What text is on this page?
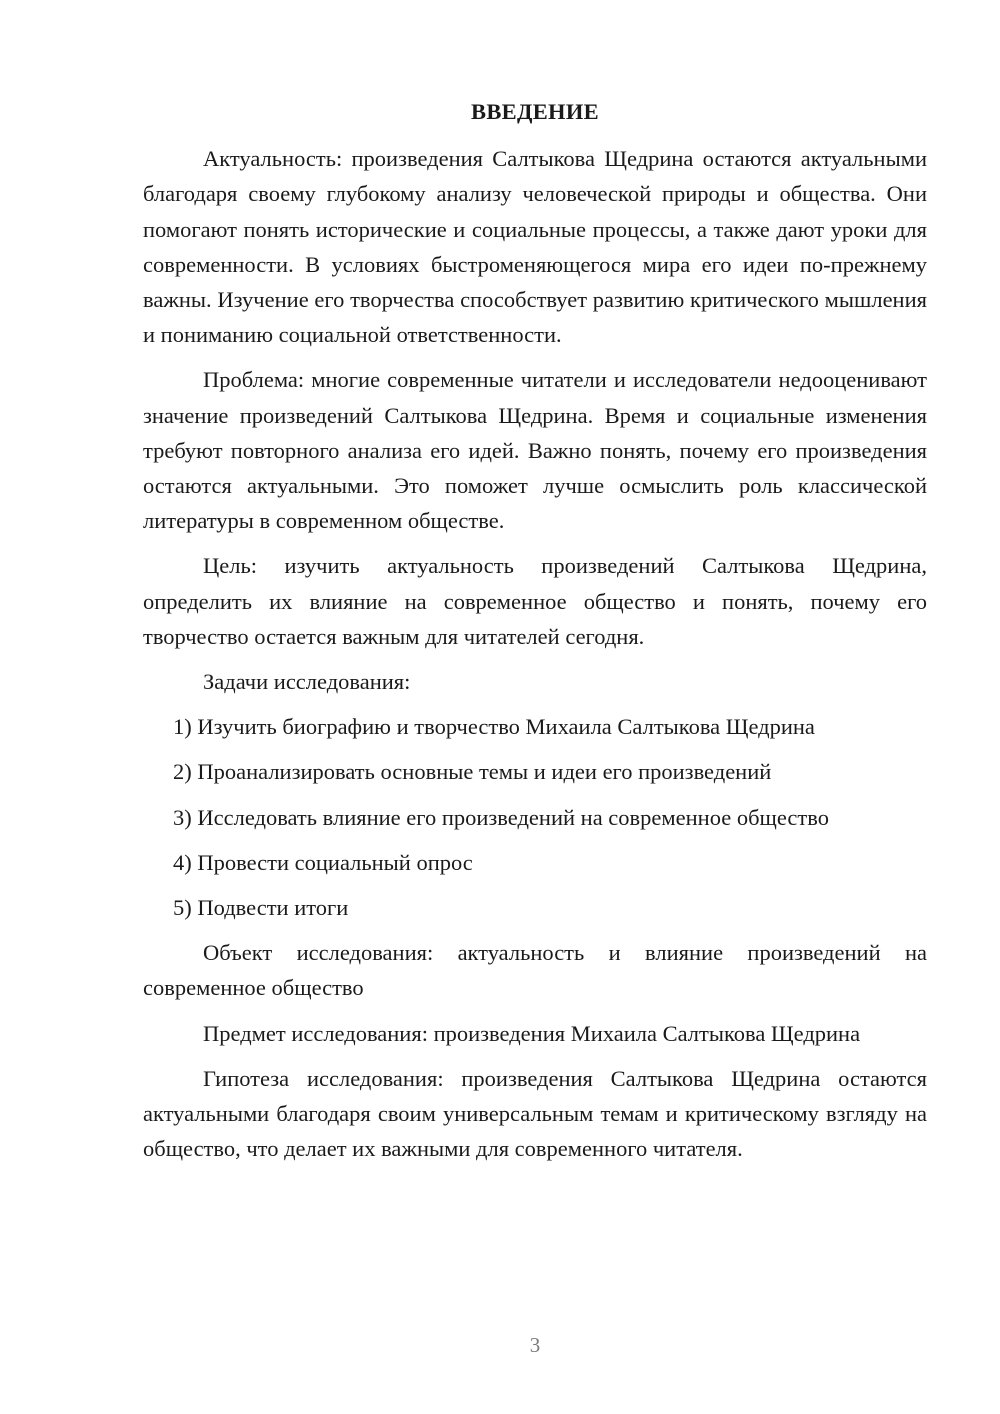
ВВЕДЕНИЕ

Актуальность: произведения Салтыкова Щедрина остаются актуальными благодаря своему глубокому анализу человеческой природы и общества. Они помогают понять исторические и социальные процессы, а также дают уроки для современности. В условиях быстроменяющегося мира его идеи по-прежнему важны. Изучение его творчества способствует развитию критического мышления и пониманию социальной ответственности.

Проблема: многие современные читатели и исследователи недооценивают значение произведений Салтыкова Щедрина. Время и социальные изменения требуют повторного анализа его идей. Важно понять, почему его произведения остаются актуальными. Это поможет лучше осмыслить роль классической литературы в современном обществе.

Цель: изучить актуальность произведений Салтыкова Щедрина, определить их влияние на современное общество и понять, почему его творчество остается важным для читателей сегодня.

Задачи исследования:
1) Изучить биографию и творчество Михаила Салтыкова Щедрина
2) Проанализировать основные темы и идеи его произведений
3) Исследовать влияние его произведений на современное общество
4) Провести социальный опрос
5) Подвести итоги

Объект исследования: актуальность и влияние произведений на современное общество

Предмет исследования: произведения Михаила Салтыкова Щедрина

Гипотеза исследования: произведения Салтыкова Щедрина остаются актуальными благодаря своим универсальным темам и критическому взгляду на общество, что делает их важными для современного читателя.

3
